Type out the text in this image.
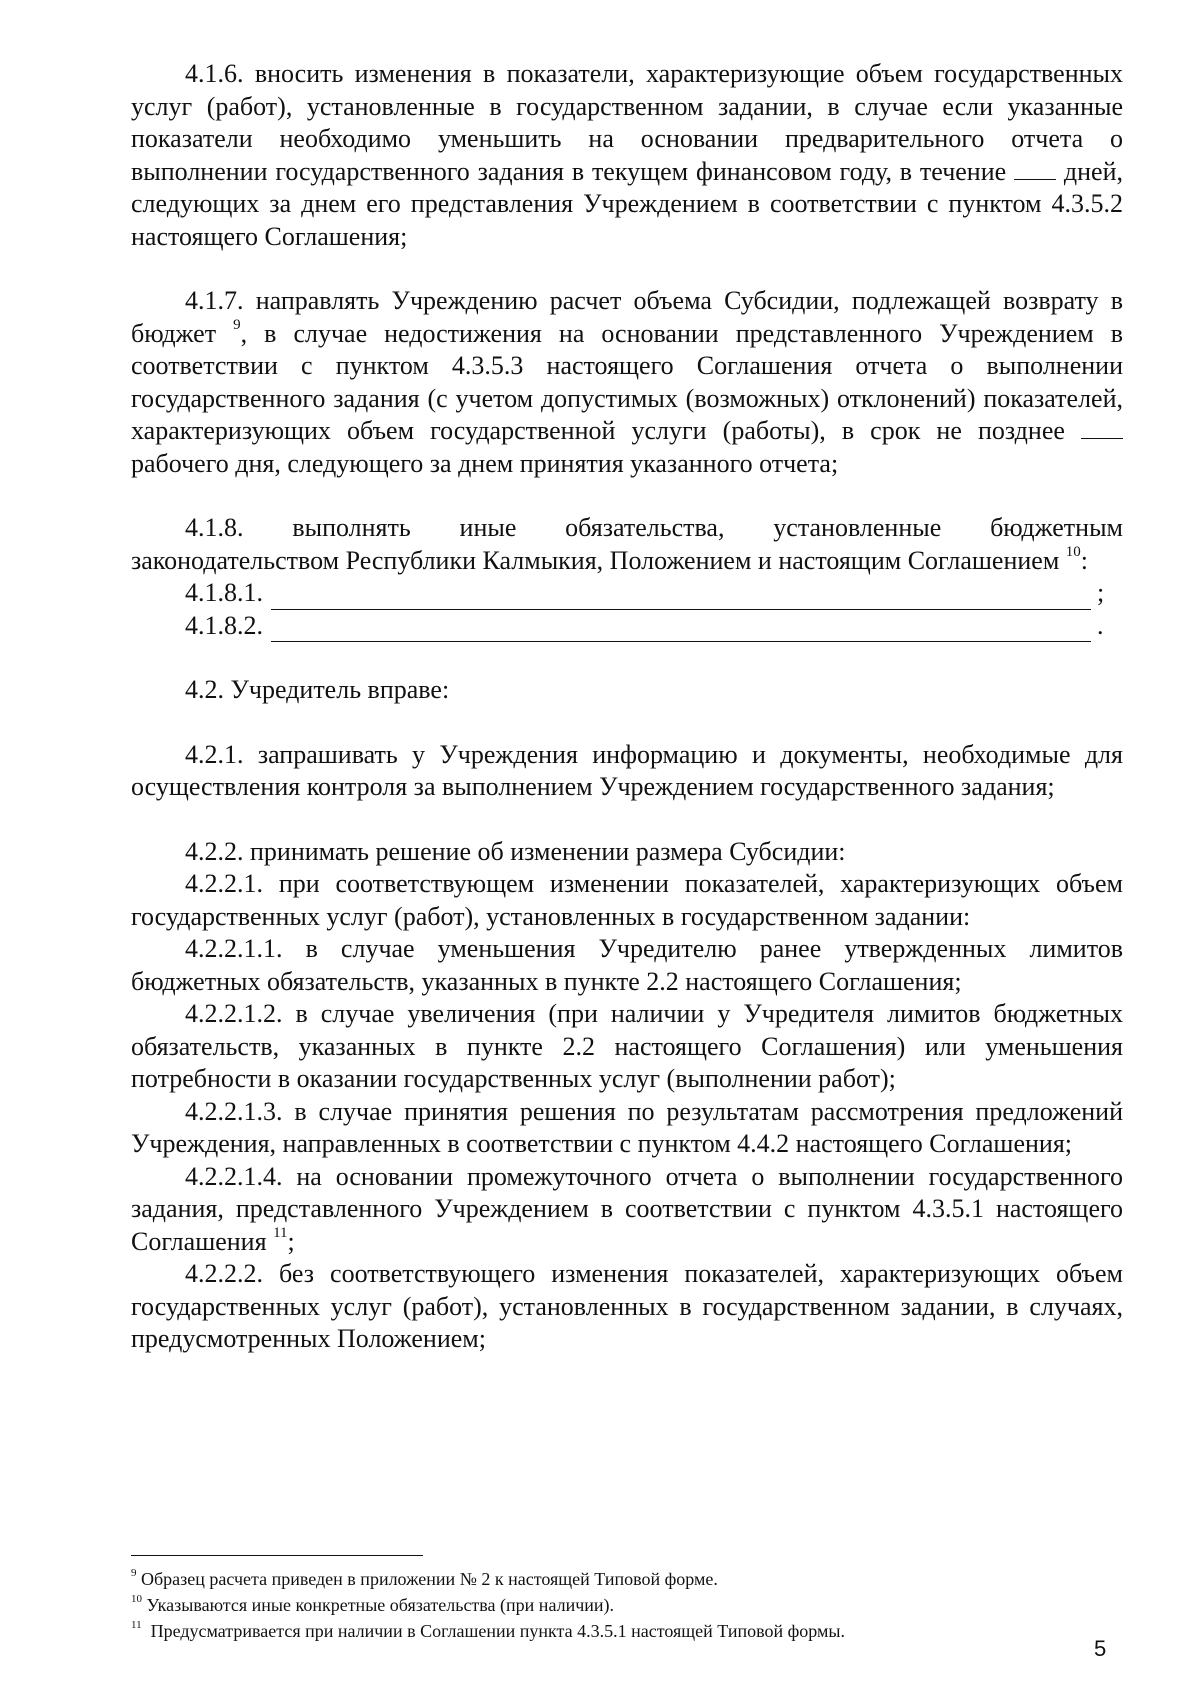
4.1.6. вносить изменения в показатели, характеризующие объем государственных услуг (работ), установленные в государственном задании, в случае если указанные показатели необходимо уменьшить на основании предварительного отчета о выполнении государственного задания в текущем финансовом году, в течение дней, следующих за днем его представления Учреждением в соответствии с пунктом 4.3.5.2 настоящего Соглашения;

4.1.7. направлять Учреждению расчет объема Субсидии, подлежащей возврату в бюджет $^9$, в случае недостижения на основании представленного Учреждением в соответствии с пунктом 4.3.5.3 настоящего Соглашения отчета о выполнении государственного задания (с учетом допустимых (возможных) отклонений) показателей, характеризующих объем государственной услуги (работы), в срок не позднее  рабочего дня, следующего за днем принятия указанного отчета;

4.1.8. выполнять иные обязательства, установленные бюджетным законодательством Республики Калмыкия, Положением и настоящим Соглашением $^{10}$:

4.1.8.1.	;
4.1.8.2.	.

4.2. Учредитель вправе:

4.2.1. запрашивать у Учреждения информацию и документы, необходимые для осуществления контроля за выполнением Учреждением государственного задания;

4.2.2. принимать решение об изменении размера Субсидии:

4.2.2.1. при соответствующем изменении показателей, характеризующих объем государственных услуг (работ), установленных в государственном задании:

4.2.2.1.1. в случае уменьшения Учредителю ранее утвержденных лимитов бюджетных обязательств, указанных в пункте 2.2 настоящего Соглашения;

4.2.2.1.2. в случае увеличения (при наличии у Учредителя лимитов бюджетных обязательств, указанных в пункте 2.2 настоящего Соглашения) или уменьшения потребности в оказании государственных услуг (выполнении работ);

4.2.2.1.3. в случае принятия решения по результатам рассмотрения предложений Учреждения, направленных в соответствии с пунктом 4.4.2 настоящего Соглашения;

4.2.2.1.4. на основании промежуточного отчета о выполнении государственного задания, представленного Учреждением в соответствии с пунктом 4.3.5.1 настоящего Соглашения $^{11}$;

4.2.2.2. без соответствующего изменения показателей, характеризующих объем государственных услуг (работ), установленных в государственном задании, в случаях, предусмотренных Положением;

$^9$ Образец расчета приведен в приложении № 2 к настоящей Типовой форме.

$^{10}$ Указываются иные конкретные обязательства (при наличии).

$^{11}$ Предусматривается при наличии в Соглашении пункта 4.3.5.1 настоящей Типовой формы.

5
